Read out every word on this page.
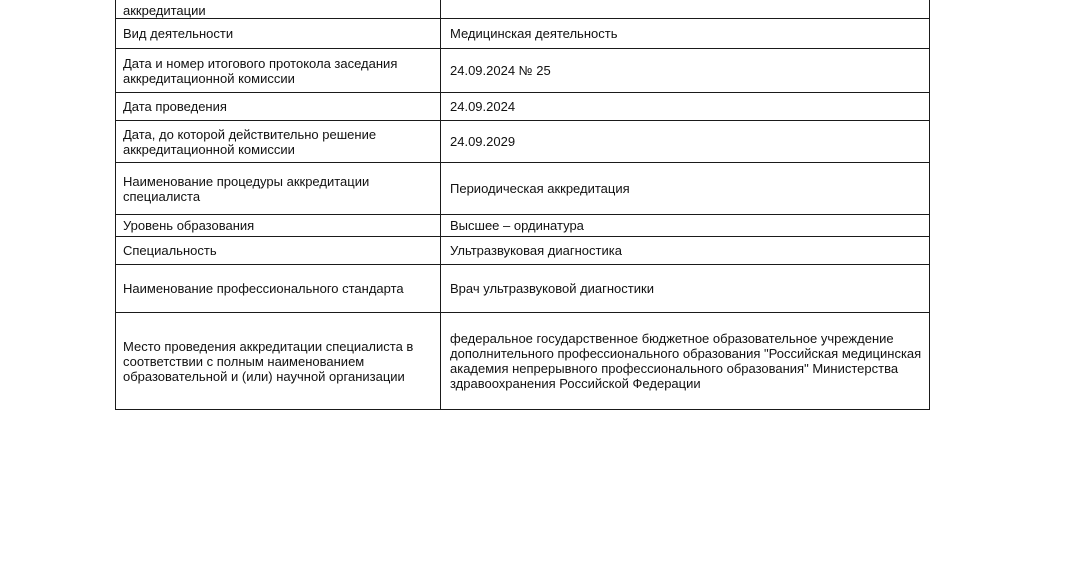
аккредитации	
Вид деятельности	Медицинская деятельность
Дата и номер итогового протокола заседания аккредитационной комиссии	24.09.2024 № 25
Дата проведения	24.09.2024
Дата, до которой действительно решение аккредитационной комиссии	24.09.2029
Наименование процедуры аккредитации специалиста	Периодическая аккредитация
Уровень образования	Высшее – ординатура
Специальность	Ультразвуковая диагностика
Наименование профессионального стандарта	Врач ультразвуковой диагностики
Место проведения аккредитации специалиста в соответствии с полным наименованием образовательной и (или) научной организации	федеральное государственное бюджетное образовательное учреждение дополнительного профессионального образования "Российская медицинская академия непрерывного профессионального образования" Министерства здравоохранения Российской Федерации
